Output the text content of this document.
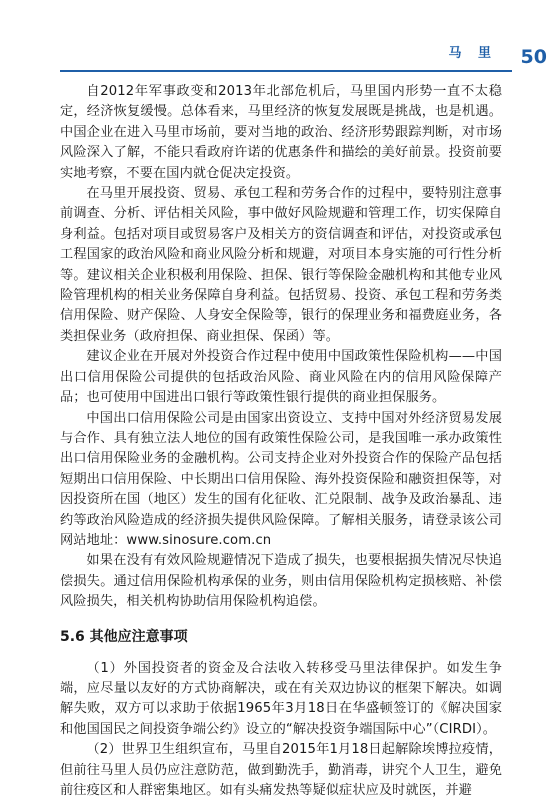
马 里 50

自2012年军事政变和2013年北部危机后，马里国内形势一直不太稳定，经济恢复缓慢。总体看来，马里经济的恢复发展既是挑战，也是机遇。中国企业在进入马里市场前，要对当地的政治、经济形势跟踪判断，对市场风险深入了解，不能只看政府许诺的优惠条件和描绘的美好前景。投资前要实地考察，不要在国内就仓促决定投资。

在马里开展投资、贸易、承包工程和劳务合作的过程中，要特别注意事前调查、分析、评估相关风险，事中做好风险规避和管理工作，切实保障自身利益。包括对项目或贸易客户及相关方的资信调查和评估，对投资或承包工程国家的政治风险和商业风险分析和规避，对项目本身实施的可行性分析等。建议相关企业积极利用保险、担保、银行等保险金融机构和其他专业风险管理机构的相关业务保障自身利益。包括贸易、投资、承包工程和劳务类信用保险、财产保险、人身安全保险等，银行的保理业务和福费庭业务，各类担保业务（政府担保、商业担保、保函）等。

建议企业在开展对外投资合作过程中使用中国政策性保险机构——中国出口信用保险公司提供的包括政治风险、商业风险在内的信用风险保障产品；也可使用中国进出口银行等政策性银行提供的商业担保服务。

中国出口信用保险公司是由国家出资设立、支持中国对外经济贸易发展与合作、具有独立法人地位的国有政策性保险公司，是我国唯一承办政策性出口信用保险业务的金融机构。公司支持企业对外投资合作的保险产品包括短期出口信用保险、中长期出口信用保险、海外投资保险和融资担保等，对因投资所在国（地区）发生的国有化征收、汇兑限制、战争及政治暴乱、违约等政治风险造成的经济损失提供风险保障。了解相关服务，请登录该公司网站地址：www.sinosure.com.cn

如果在没有有效风险规避情况下造成了损失，也要根据损失情况尽快追偿损失。通过信用保险机构承保的业务，则由信用保险机构定损核赔、补偿风险损失，相关机构协助信用保险机构追偿。

5.6 其他应注意事项

（1）外国投资者的资金及合法收入转移受马里法律保护。如发生争端，应尽量以友好的方式协商解决，或在有关双边协议的框架下解决。如调解失败，双方可以求助于依据1965年3月18日在华盛顿签订的《解决国家和他国国民之间投资争端公约》设立的“解决投资争端国际中心”（CIRDI）。

（2）世界卫生组织宣布，马里自2015年1月18日起解除埃博拉疫情，但前往马里人员仍应注意防范，做到勤洗手，勤消毒，讲究个人卫生，避免前往疫区和人群密集地区。如有头痛发热等疑似症状应及时就医，并避
